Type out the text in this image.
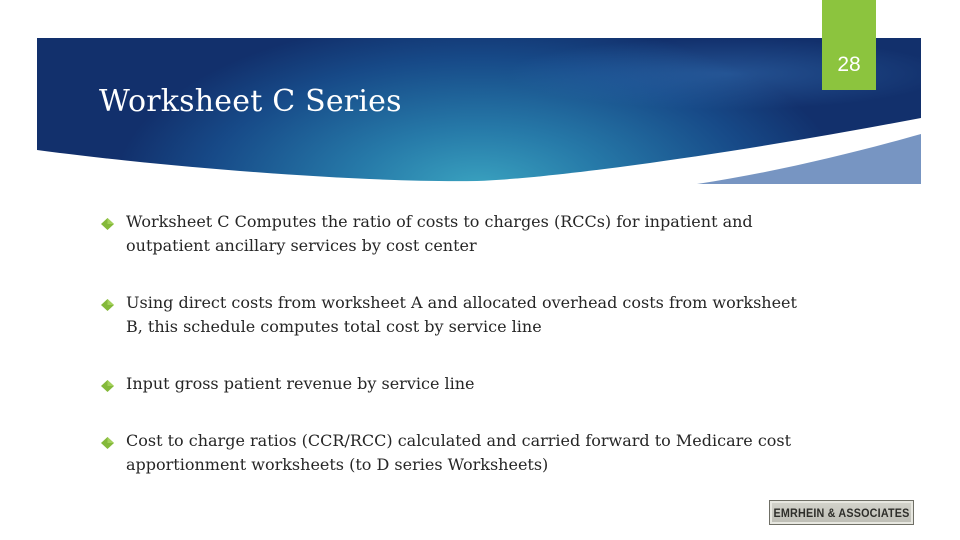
Worksheet C Series
28
Worksheet C Computes the ratio of costs to charges (RCCs) for inpatient and outpatient ancillary services by cost center
Using direct costs from worksheet A and allocated overhead costs from worksheet B, this schedule computes total cost by service line
Input gross patient revenue by service line
Cost to charge ratios (CCR/RCC) calculated and carried forward to Medicare cost apportionment worksheets (to D series Worksheets)
EMRHEIN & ASSOCIATES
